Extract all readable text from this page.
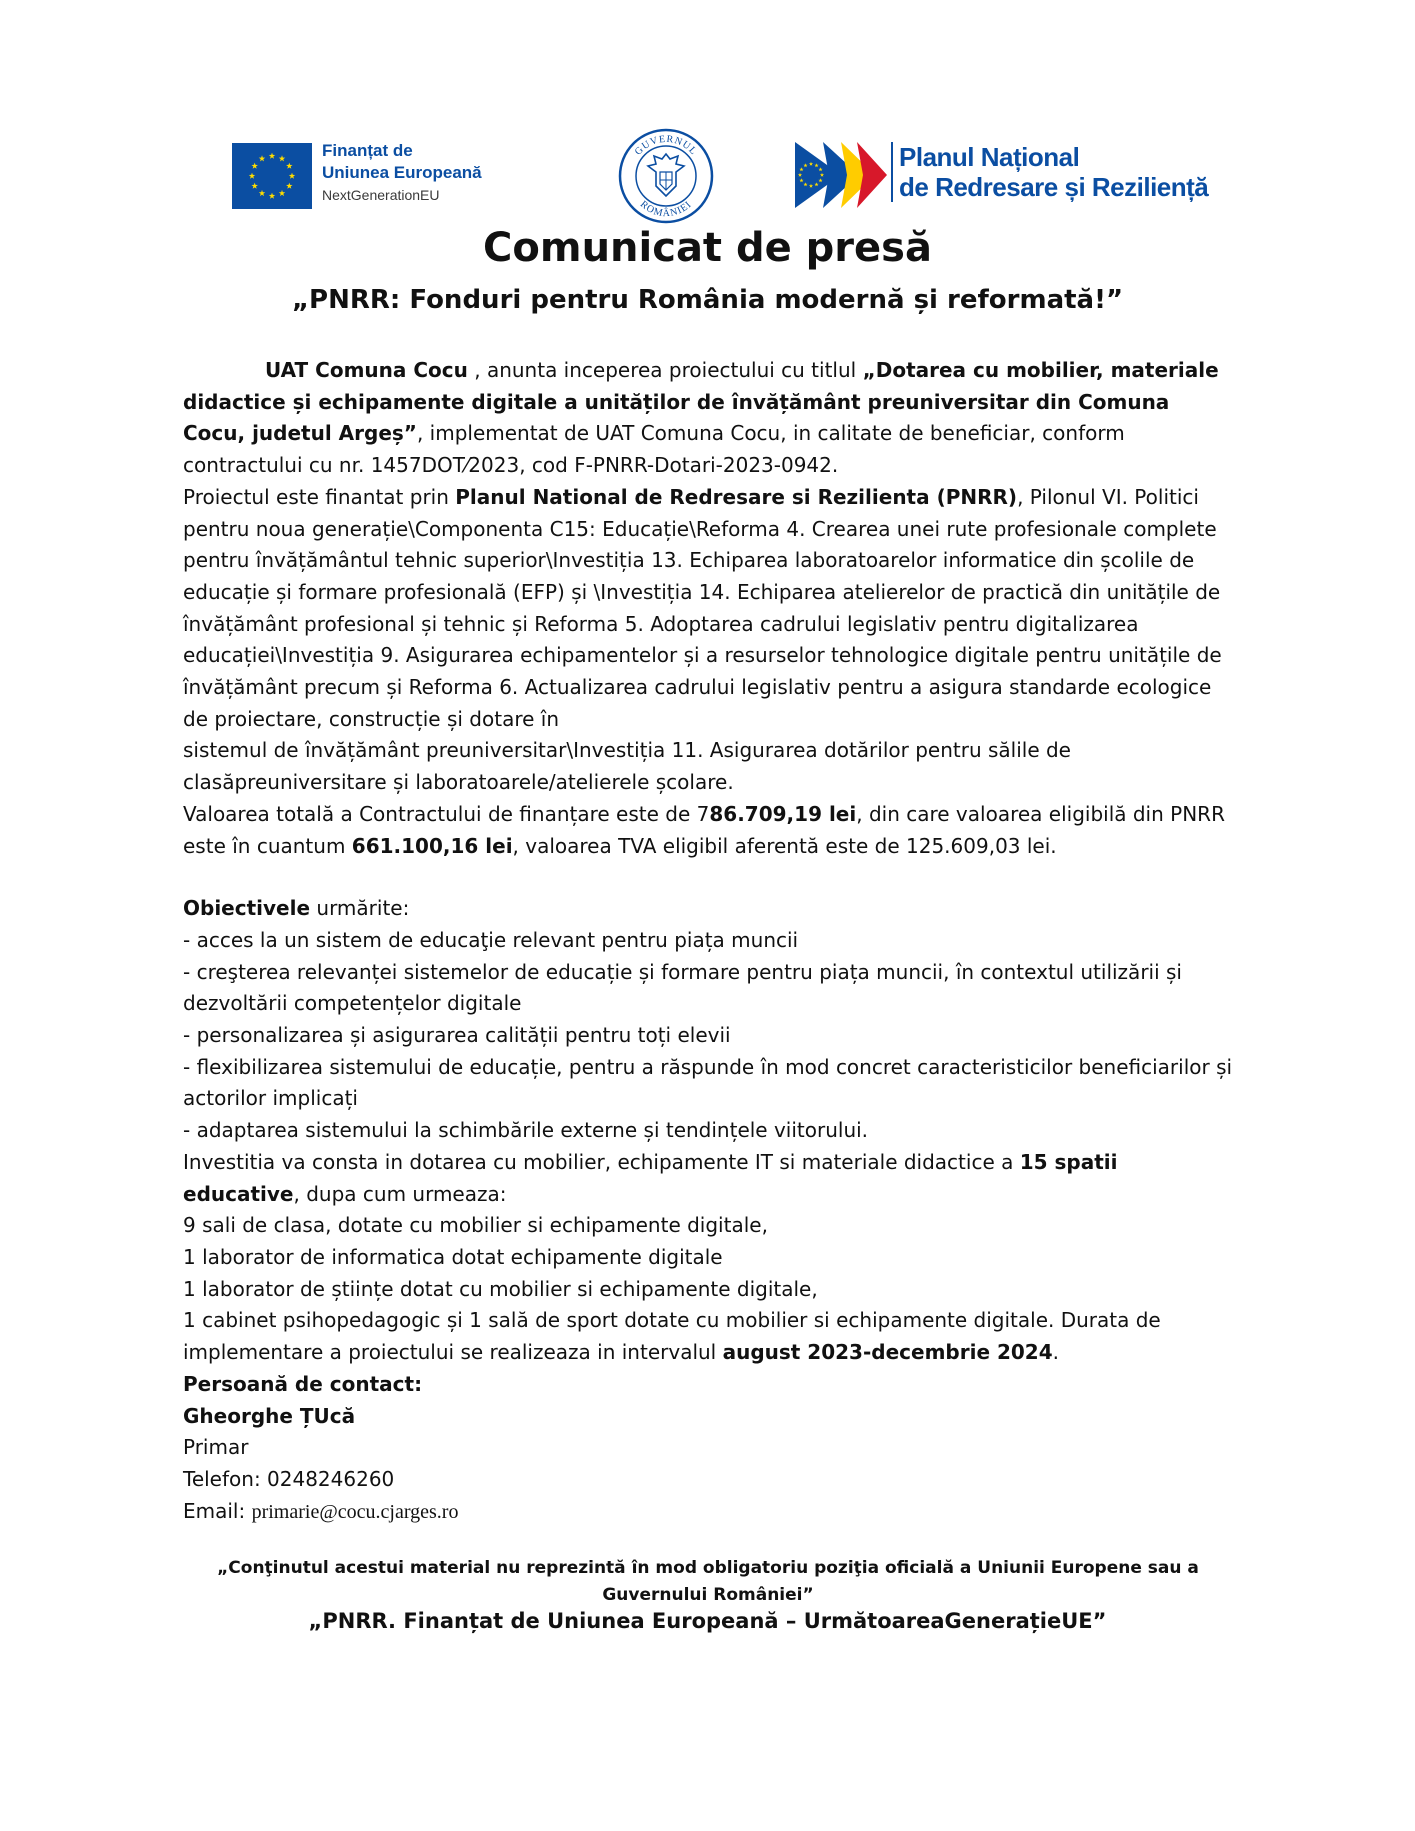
Finanțat de
Uniunea Europeană
NextGenerationEU
GUVERNUL
ROMÂNIEI
Planul Național
de Redresare și Reziliență
Comunicat de presă
„PNRR: Fonduri pentru România modernă și reformată!”

UAT Comuna Cocu , anunta inceperea proiectului cu titlul „Dotarea cu mobilier, materiale didactice și echipamente digitale a unităților de învățământ preuniversitar din Comuna Cocu, judetul Argeș”, implementat de UAT Comuna Cocu, in calitate de beneficiar, conform contractului cu nr. 1457DOT⁄2023, cod F-PNRR-Dotari-2023-0942.

Proiectul este finantat prin Planul National de Redresare si Rezilienta (PNRR), Pilonul VI. Politici pentru noua generație\Componenta C15: Educație\Reforma 4. Crearea unei rute profesionale complete pentru învățământul tehnic superior\Investiția 13. Echiparea laboratoarelor informatice din școlile de educație și formare profesională (EFP) și \Investiția 14. Echiparea atelierelor de practică din unitățile de învățământ profesional și tehnic și Reforma 5. Adoptarea cadrului legislativ pentru digitalizarea educației\Investiția 9. Asigurarea echipamentelor și a resurselor tehnologice digitale pentru unitățile de învățământ precum și Reforma 6. Actualizarea cadrului legislativ pentru a asigura standarde ecologice de proiectare, construcție și dotare în

sistemul de învățământ preuniversitar\Investiția 11. Asigurarea dotărilor pentru sălile de clasăpreuniversitare și laboratoarele/atelierele școlare.

Valoarea totală a Contractului de finanțare este de 786.709,19 lei, din care valoarea eligibilă din PNRR este în cuantum 661.100,16 lei, valoarea TVA eligibil aferentă este de 125.609,03 lei.

Obiectivele urmărite:

- acces la un sistem de educaţie relevant pentru piața muncii

- creşterea relevanței sistemelor de educație și formare pentru piața muncii, în contextul utilizării și dezvoltării competențelor digitale

- personalizarea și asigurarea calității pentru toți elevii

- flexibilizarea sistemului de educație, pentru a răspunde în mod concret caracteristicilor beneficiarilor și actorilor implicați

- adaptarea sistemului la schimbările externe și tendințele viitorului.

Investitia va consta in dotarea cu mobilier, echipamente IT si materiale didactice a 15 spatii educative, dupa cum urmeaza:

9 sali de clasa, dotate cu mobilier si echipamente digitale,

1 laborator de informatica dotat echipamente digitale

1 laborator de științe dotat cu mobilier si echipamente digitale,

1 cabinet psihopedagogic și 1 sală de sport dotate cu mobilier si echipamente digitale. Durata de implementare a proiectului se realizeaza in intervalul august 2023-decembrie 2024.

Persoană de contact:

Gheorghe ȚUcă

Primar

Telefon: 0248246260

Email: primarie@cocu.cjarges.ro

„Conţinutul acestui material nu reprezintă în mod obligatoriu poziţia oficială a Uniunii Europene sau a Guvernului României”

„PNRR. Finanțat de Uniunea Europeană – UrmătoareaGenerațieUE”
